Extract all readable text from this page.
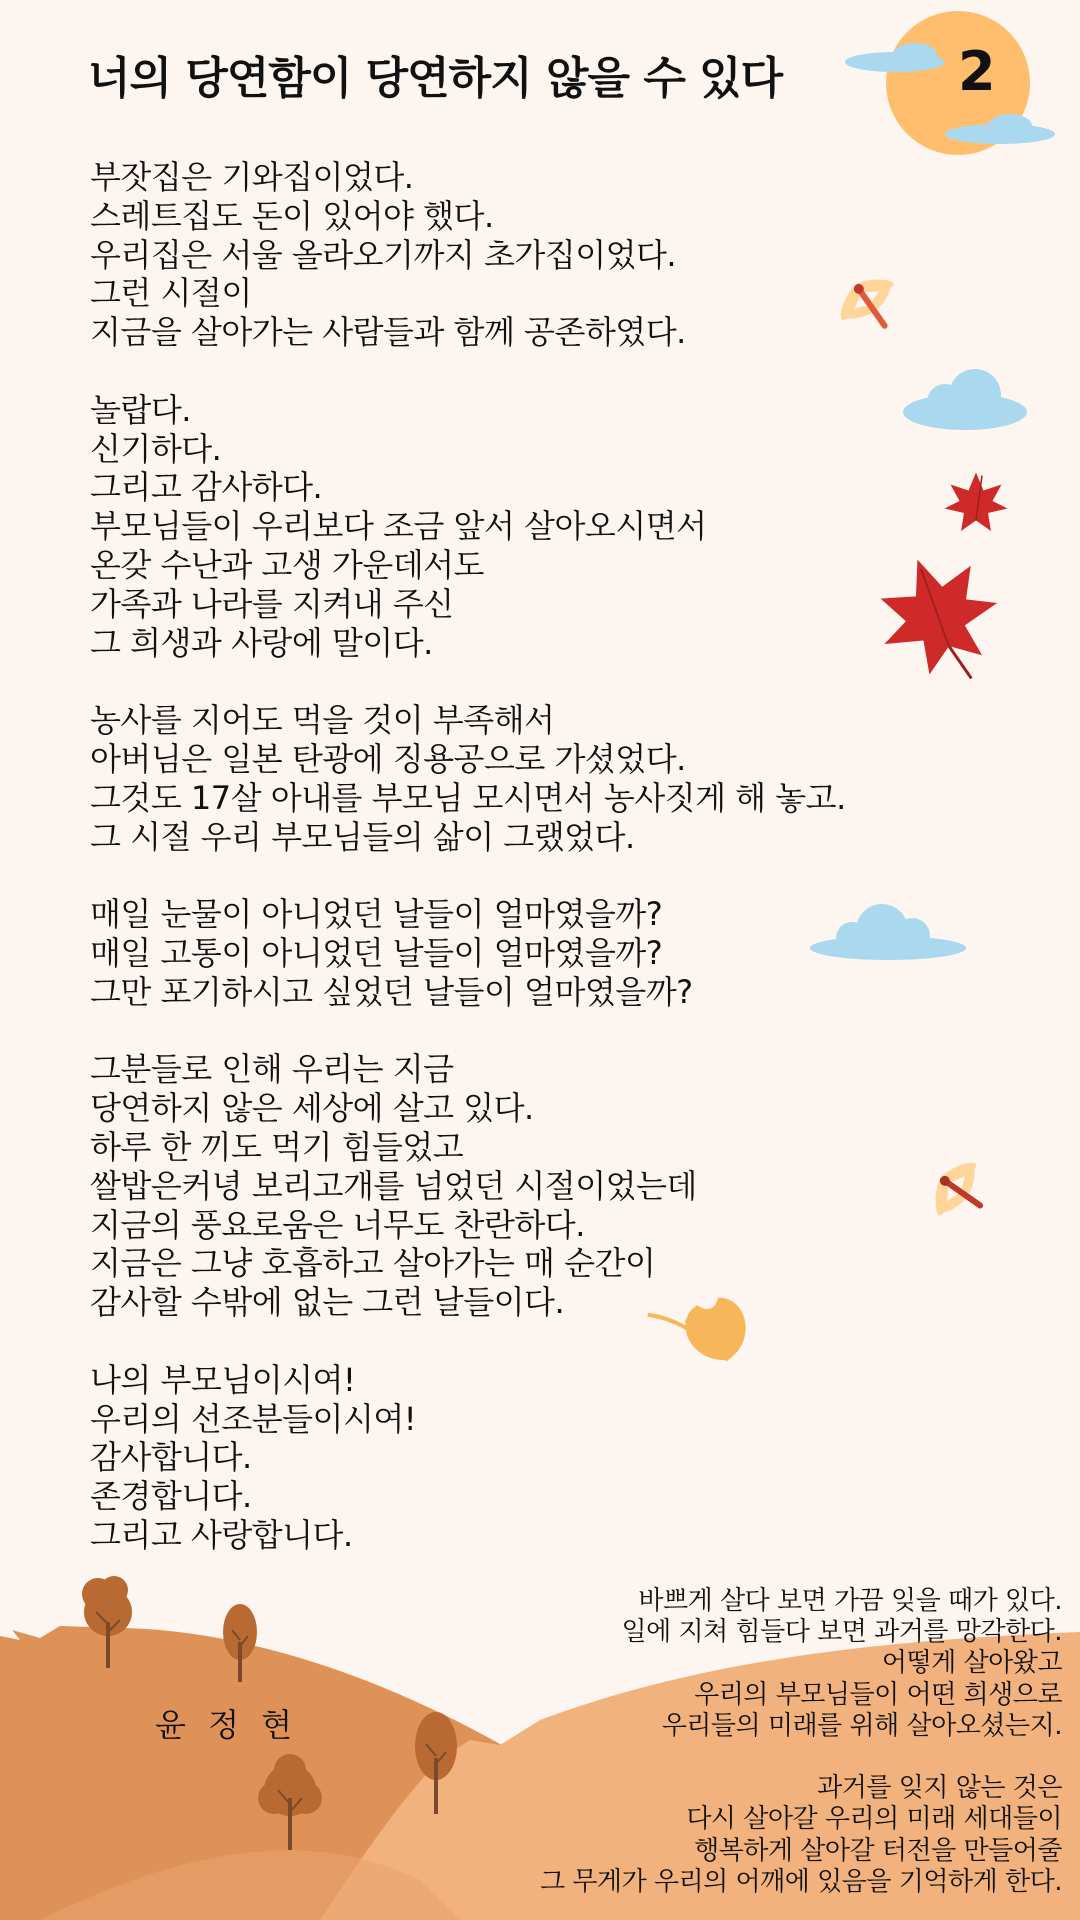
너의 당연함이 당연하지 않을 수 있다	2
부잣집은 기와집이었다.
스레트집도 돈이 있어야 했다.
우리집은 서울 올라오기까지 초가집이었다.
그런 시절이
지금을 살아가는 사람들과 함께 공존하였다.
놀랍다.
신기하다.
그리고 감사하다.
부모님들이 우리보다 조금 앞서 살아오시면서
온갖 수난과 고생 가운데서도
가족과 나라를 지켜내 주신
그 희생과 사랑에 말이다.
농사를 지어도 먹을 것이 부족해서
아버님은 일본 탄광에 징용공으로 가셨었다.
그것도 17살 아내를 부모님 모시면서 농사짓게 해 놓고.
그 시절 우리 부모님들의 삶이 그랬었다.
매일 눈물이 아니었던 날들이 얼마였을까?
매일 고통이 아니었던 날들이 얼마였을까?
그만 포기하시고 싶었던 날들이 얼마였을까?
그분들로 인해 우리는 지금
당연하지 않은 세상에 살고 있다.
하루 한 끼도 먹기 힘들었고
쌀밥은커녕 보리고개를 넘었던 시절이었는데
지금의 풍요로움은 너무도 찬란하다.
지금은 그냥 호흡하고 살아가는 매 순간이
감사할 수밖에 없는 그런 날들이다.
나의 부모님이시여!
우리의 선조분들이시여!
감사합니다.
존경합니다.
그리고 사랑합니다.
윤 정 현
바쁘게 살다 보면 가끔 잊을 때가 있다.
일에 지쳐 힘들다 보면 과거를 망각한다.
어떻게 살아왔고
우리의 부모님들이 어떤 희생으로
우리들의 미래를 위해 살아오셨는지.
과거를 잊지 않는 것은
다시 살아갈 우리의 미래 세대들이
행복하게 살아갈 터전을 만들어줄
그 무게가 우리의 어깨에 있음을 기억하게 한다.
